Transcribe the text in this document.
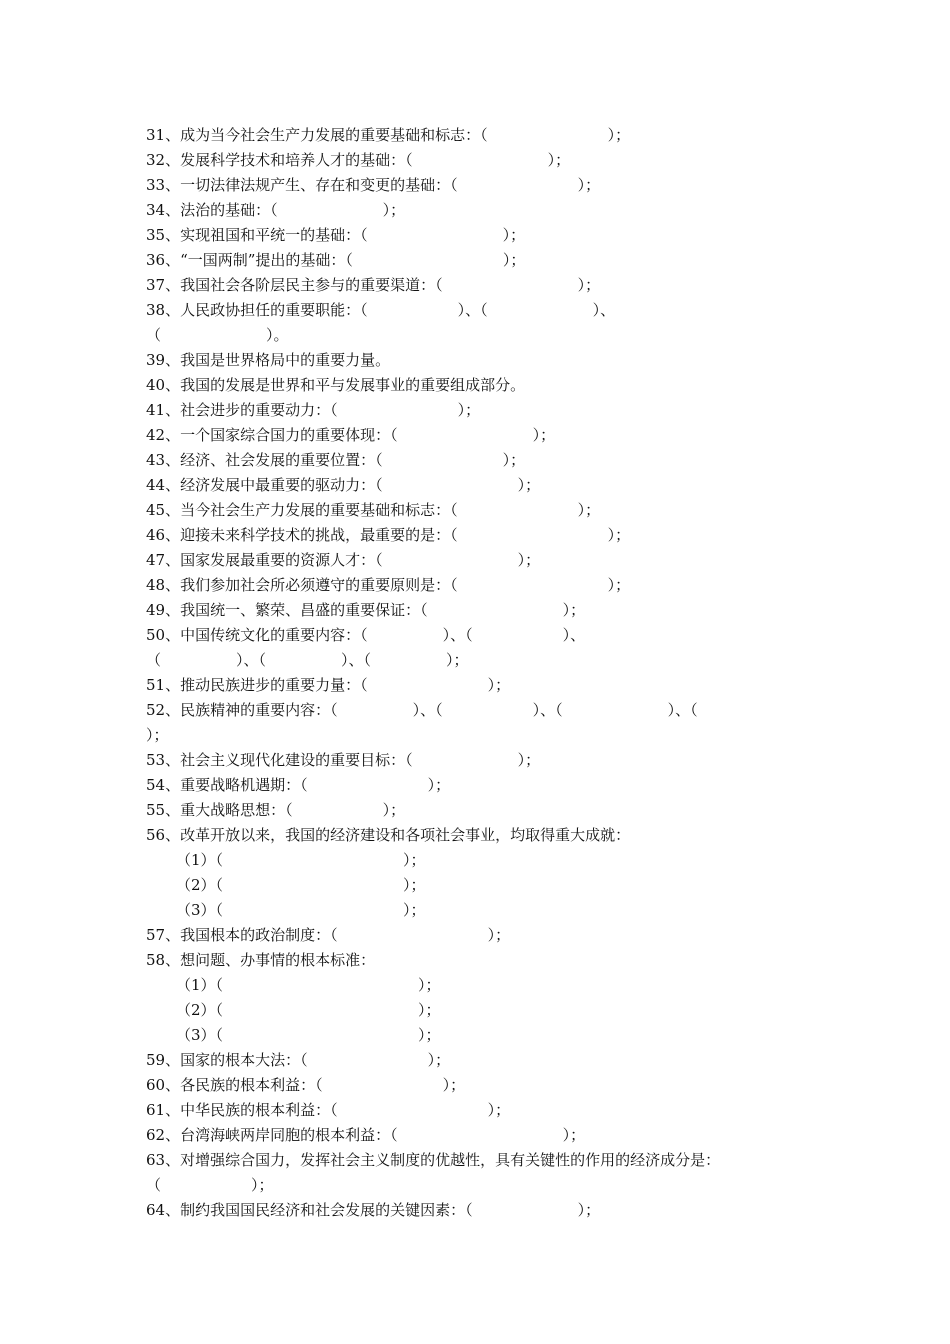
31、成为当今社会生产力发展的重要基础和标志：（　　　　　　　　）；

32、发展科学技术和培养人才的基础：（　　　　　　　　　）；

33、一切法律法规产生、存在和变更的基础：（　　　　　　　　）；

34、法治的基础：（　　　　　　　）；

35、实现祖国和平统一的基础：（　　　　　　　　　）；

36、“一国两制”提出的基础：（　　　　　　　　　　）；

37、我国社会各阶层民主参与的重要渠道：（　　　　　　　　　）；

38、人民政协担任的重要职能：（　　　　　　）、（　　　　　　　）、

（　　　　　　　）。

39、我国是世界格局中的重要力量。

40、我国的发展是世界和平与发展事业的重要组成部分。

41、社会进步的重要动力：（　　　　　　　　）；

42、一个国家综合国力的重要体现：（　　　　　　　　　）；

43、经济、社会发展的重要位置：（　　　　　　　　）；

44、经济发展中最重要的驱动力：（　　　　　　　　　）；

45、当今社会生产力发展的重要基础和标志：（　　　　　　　　）；

46、迎接未来科学技术的挑战，最重要的是：（　　　　　　　　　　）；

47、国家发展最重要的资源人才：（　　　　　　　　　）；

48、我们参加社会所必须遵守的重要原则是：（　　　　　　　　　　）；

49、我国统一、繁荣、昌盛的重要保证：（　　　　　　　　　）；

50、中国传统文化的重要内容：（　　　　　）、（　　　　　　）、

（　　　　　）、（　　　　　）、（　　　　　）；

51、推动民族进步的重要力量：（　　　　　　　　）；

52、民族精神的重要内容：（　　　　　）、（　　　　　　）、（　　　　　　　）、（

）；

53、社会主义现代化建设的重要目标：（　　　　　　　）；

54、重要战略机遇期：（　　　　　　　　）；

55、重大战略思想：（　　　　　　）；

56、改革开放以来，我国的经济建设和各项社会事业，均取得重大成就：

（1）（　　　　　　　　　　　　）；

（2）（　　　　　　　　　　　　）；

（3）（　　　　　　　　　　　　）；

57、我国根本的政治制度：（　　　　　　　　　　）；

58、想问题、办事情的根本标准：

（1）（　　　　　　　　　　　　　）；

（2）（　　　　　　　　　　　　　）；

（3）（　　　　　　　　　　　　　）；

59、国家的根本大法：（　　　　　　　　）；

60、各民族的根本利益：（　　　　　　　　）；

61、中华民族的根本利益：（　　　　　　　　　　）；

62、台湾海峡两岸同胞的根本利益：（　　　　　　　　　　　）；

63、对增强综合国力，发挥社会主义制度的优越性，具有关键性的作用的经济成分是：

（　　　　　　）；

64、制约我国国民经济和社会发展的关键因素：（　　　　　　　）；
